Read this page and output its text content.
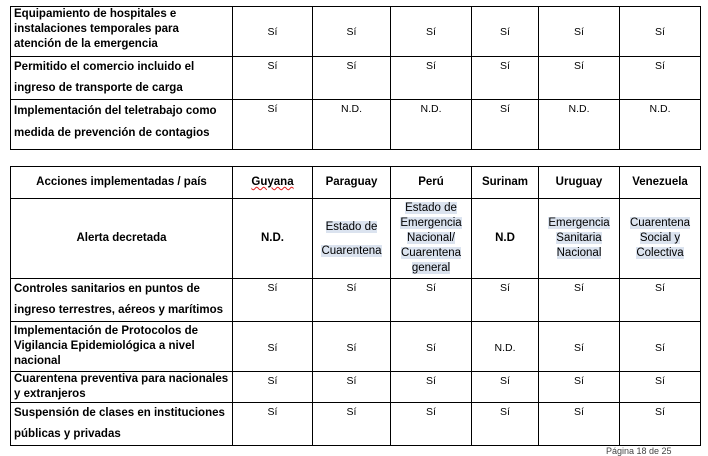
Equipamiento de hospitales e instalaciones temporales para atención de la emergencia	Sí	Sí	Sí	Sí	Sí	Sí
Permitido el comercio incluido el ingreso de transporte de carga	Sí	Sí	Sí	Sí	Sí	Sí
Implementación del teletrabajo como medida de prevención de contagios	Sí	N.D.	N.D.	Sí	N.D.	N.D.
Acciones implementadas / país	Guyana	Paraguay	Perú	Surinam	Uruguay	Venezuela
Alerta decretada	N.D.	Estado de Cuarentena	Estado de Emergencia Nacional/ Cuarentena general	N.D	Emergencia Sanitaria Nacional	Cuarentena Social y Colectiva
Controles sanitarios en puntos de ingreso terrestres, aéreos y marítimos	Sí	Sí	Sí	Sí	Sí	Sí
Implementación de Protocolos de Vigilancia Epidemiológica a nivel nacional	Sí	Sí	Sí	N.D.	Sí	Sí
Cuarentena preventiva para nacionales y extranjeros	Sí	Sí	Sí	Sí	Sí	Sí
Suspensión de clases en instituciones públicas y privadas	Sí	Sí	Sí	Sí	Sí	Sí
Página 18 de 25
